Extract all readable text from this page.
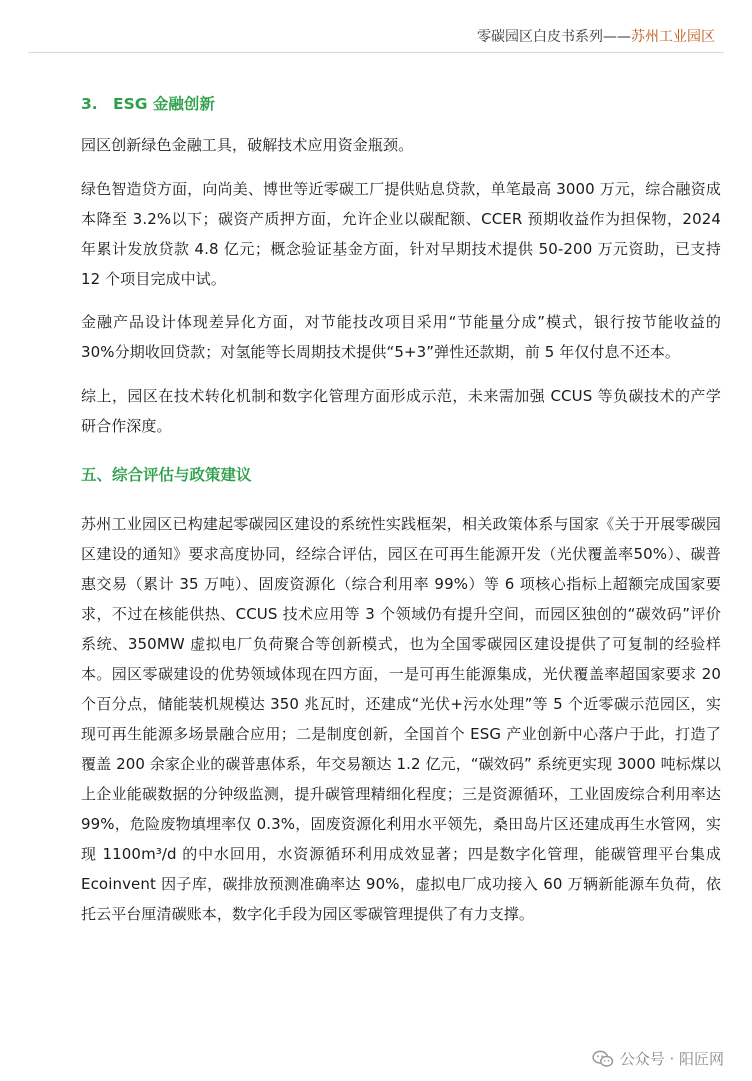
零碳园区白皮书系列——苏州工业园区
3. ESG 金融创新

园区创新绿色金融工具，破解技术应用资金瓶颈。

绿色智造贷方面，向尚美、博世等近零碳工厂提供贴息贷款，单笔最高 3000 万元，综合融资成本降至 3.2%以下；碳资产质押方面，允许企业以碳配额、CCER 预期收益作为担保物，2024 年累计发放贷款 4.8 亿元；概念验证基金方面，针对早期技术提供 50-200 万元资助，已支持 12 个项目完成中试。

金融产品设计体现差异化方面，对节能技改项目采用“节能量分成”模式，银行按节能收益的 30%分期收回贷款；对氢能等长周期技术提供“5+3”弹性还款期，前 5 年仅付息不还本。

综上，园区在技术转化机制和数字化管理方面形成示范，未来需加强 CCUS 等负碳技术的产学研合作深度。

五、综合评估与政策建议

苏州工业园区已构建起零碳园区建设的系统性实践框架，相关政策体系与国家《关于开展零碳园区建设的通知》要求高度协同，经综合评估，园区在可再生能源开发（光伏覆盖率50%）、碳普惠交易（累计 35 万吨）、固废资源化（综合利用率 99%）等 6 项核心指标上超额完成国家要求，不过在核能供热、CCUS 技术应用等 3 个领域仍有提升空间，而园区独创的“碳效码”评价系统、350MW 虚拟电厂负荷聚合等创新模式，也为全国零碳园区建设提供了可复制的经验样本。园区零碳建设的优势领域体现在四方面，一是可再生能源集成，光伏覆盖率超国家要求 20 个百分点，储能装机规模达 350 兆瓦时，还建成“光伏+污水处理”等 5 个近零碳示范园区，实现可再生能源多场景融合应用；二是制度创新，全国首个 ESG 产业创新中心落户于此，打造了覆盖 200 余家企业的碳普惠体系，年交易额达 1.2 亿元，“碳效码” 系统更实现 3000 吨标煤以上企业能碳数据的分钟级监测，提升碳管理精细化程度；三是资源循环，工业固废综合利用率达 99%，危险废物填埋率仅 0.3%，固废资源化利用水平领先，桑田岛片区还建成再生水管网，实现 1100m³/d 的中水回用，水资源循环利用成效显著；四是数字化管理，能碳管理平台集成 Ecoinvent 因子库，碳排放预测准确率达 90%，虚拟电厂成功接入 60 万辆新能源车负荷，依托云平台厘清碳账本，数字化手段为园区零碳管理提供了有力支撑。

公众号 · 阳匠网
